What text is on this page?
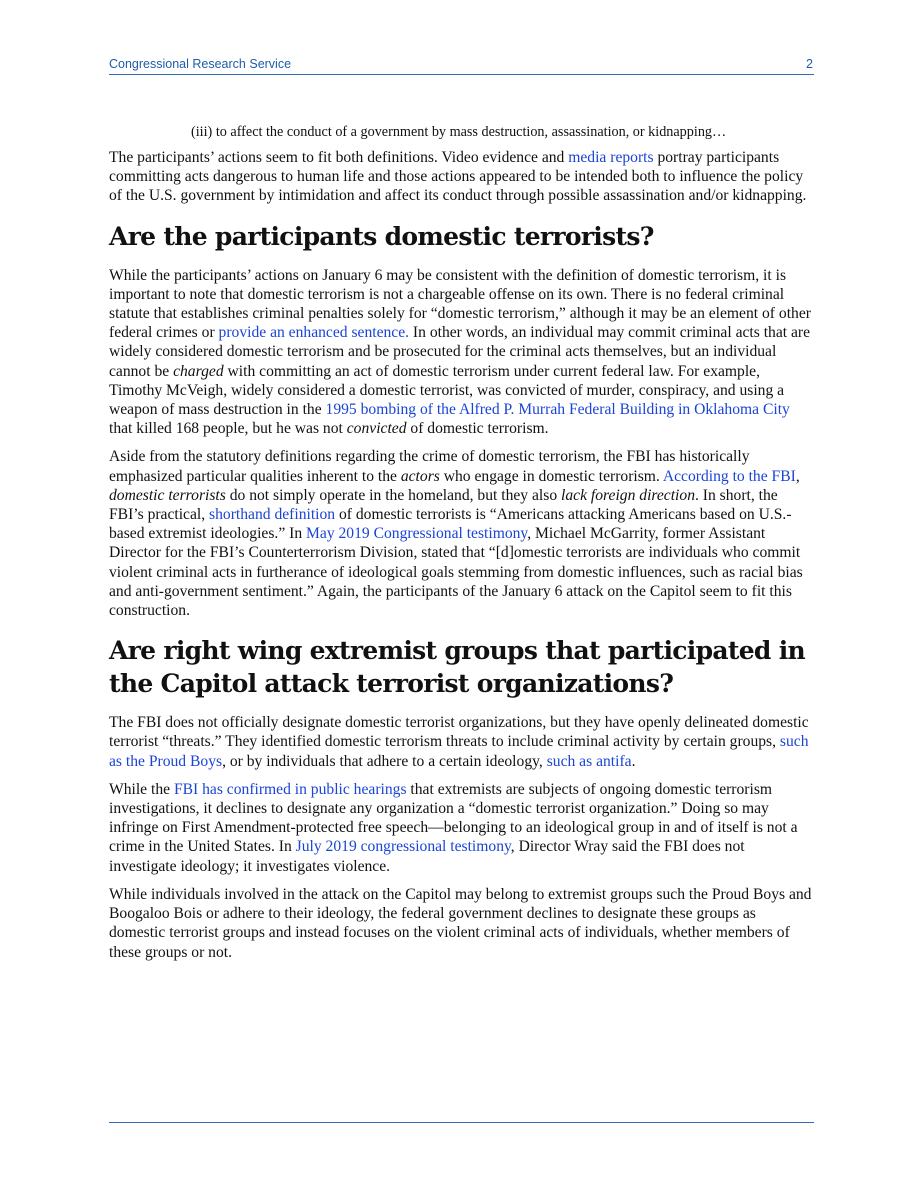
Congressional Research Service	2

(iii) to affect the conduct of a government by mass destruction, assassination, or kidnapping…

The participants’ actions seem to fit both definitions. Video evidence and media reports portray participants committing acts dangerous to human life and those actions appeared to be intended both to influence the policy of the U.S. government by intimidation and affect its conduct through possible assassination and/or kidnapping.

Are the participants domestic terrorists?

While the participants’ actions on January 6 may be consistent with the definition of domestic terrorism, it is important to note that domestic terrorism is not a chargeable offense on its own. There is no federal criminal statute that establishes criminal penalties solely for “domestic terrorism,” although it may be an element of other federal crimes or provide an enhanced sentence. In other words, an individual may commit criminal acts that are widely considered domestic terrorism and be prosecuted for the criminal acts themselves, but an individual cannot be charged with committing an act of domestic terrorism under current federal law. For example, Timothy McVeigh, widely considered a domestic terrorist, was convicted of murder, conspiracy, and using a weapon of mass destruction in the 1995 bombing of the Alfred P. Murrah Federal Building in Oklahoma City that killed 168 people, but he was not convicted of domestic terrorism.

Aside from the statutory definitions regarding the crime of domestic terrorism, the FBI has historically emphasized particular qualities inherent to the actors who engage in domestic terrorism. According to the FBI, domestic terrorists do not simply operate in the homeland, but they also lack foreign direction. In short, the FBI’s practical, shorthand definition of domestic terrorists is “Americans attacking Americans based on U.S.-based extremist ideologies.” In May 2019 Congressional testimony, Michael McGarrity, former Assistant Director for the FBI’s Counterterrorism Division, stated that “[d]omestic terrorists are individuals who commit violent criminal acts in furtherance of ideological goals stemming from domestic influences, such as racial bias and anti-government sentiment.” Again, the participants of the January 6 attack on the Capitol seem to fit this construction.

Are right wing extremist groups that participated in the Capitol attack terrorist organizations?

The FBI does not officially designate domestic terrorist organizations, but they have openly delineated domestic terrorist “threats.” They identified domestic terrorism threats to include criminal activity by certain groups, such as the Proud Boys, or by individuals that adhere to a certain ideology, such as antifa.

While the FBI has confirmed in public hearings that extremists are subjects of ongoing domestic terrorism investigations, it declines to designate any organization a “domestic terrorist organization.” Doing so may infringe on First Amendment-protected free speech—belonging to an ideological group in and of itself is not a crime in the United States. In July 2019 congressional testimony, Director Wray said the FBI does not investigate ideology; it investigates violence.

While individuals involved in the attack on the Capitol may belong to extremist groups such the Proud Boys and Boogaloo Bois or adhere to their ideology, the federal government declines to designate these groups as domestic terrorist groups and instead focuses on the violent criminal acts of individuals, whether members of these groups or not.
